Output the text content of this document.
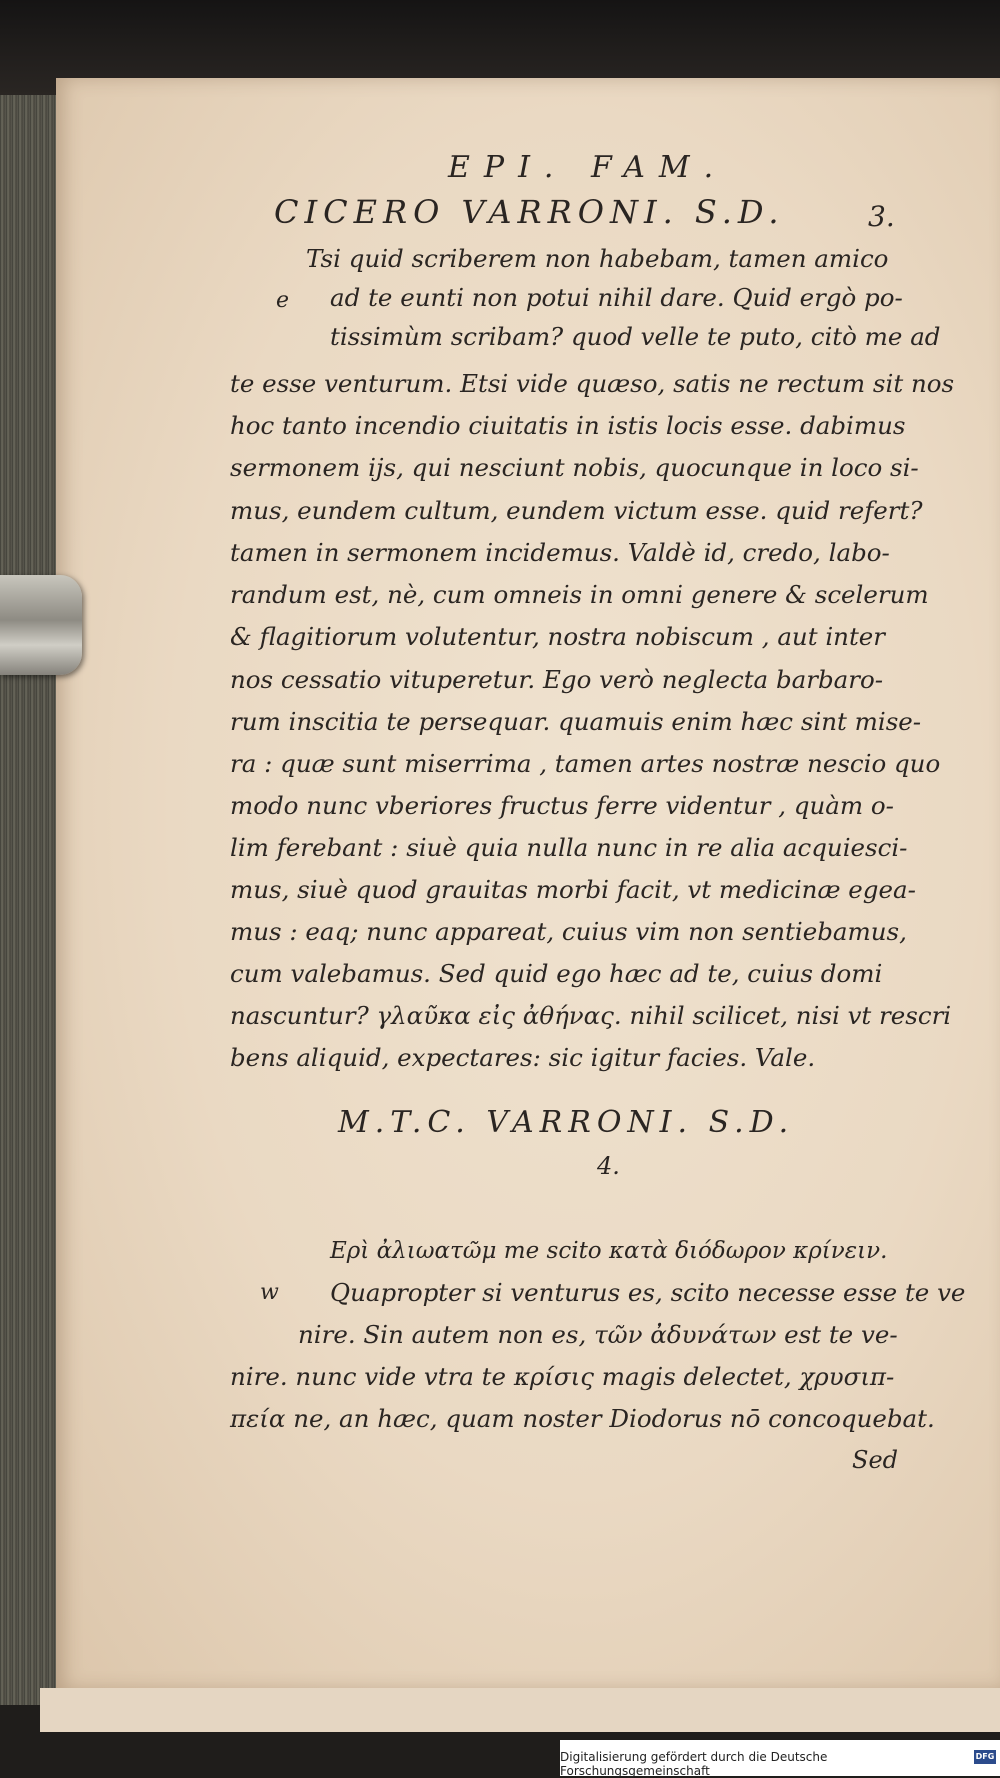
EPI. FAM.
CICERO VARRONI. S.D.	3.
e
Tsi quid scriberem non habebam, tamen amico
ad te eunti non potui nihil dare. Quid ergò po-
tissimùm scribam? quod velle te puto, citò me ad
te esse venturum. Etsi vide quæso, satis ne rectum sit nos
hoc tanto incendio ciuitatis in istis locis esse. dabimus
sermonem ijs, qui nesciunt nobis, quocunque in loco si-
mus, eundem cultum, eundem victum esse. quid refert?
tamen in sermonem incidemus. Valdè id, credo, labo-
randum est, nè, cum omneis in omni genere & scelerum
& flagitiorum volutentur, nostra nobiscum , aut inter
nos cessatio vituperetur. Ego verò neglecta barbaro-
rum inscitia te persequar. quamuis enim hæc sint mise-
ra : quæ sunt miserrima , tamen artes nostræ nescio quo
modo nunc vberiores fructus ferre videntur , quàm o-
lim ferebant : siuè quia nulla nunc in re alia acquiesci-
mus, siuè quod grauitas morbi facit, vt medicinæ egea-
mus : eaq; nunc appareat, cuius vim non sentiebamus,
cum valebamus. Sed quid ego hæc ad te, cuius domi
nascuntur? γλαῦκα εἰς ἀθήνας. nihil scilicet, nisi vt rescri
bens aliquid, expectares: sic igitur facies. Vale.
M.T.C. VARRONI. S.D.
4.
Ερὶ ἀλιωατῶμ me scito κατὰ διόδωρον κρίνειν.
w Quapropter si venturus es, scito necesse esse te ve
nire. Sin autem non es, τῶν ἀδυνάτων est te ve-
nire. nunc vide vtra te κρίσις magis delectet, χρυσιπ-
πεία ne, an hæc, quam noster Diodorus nō concoquebat.
Sed
Digitalisierung gefördert durch die Deutsche Forschungsgemeinschaft
DFG
